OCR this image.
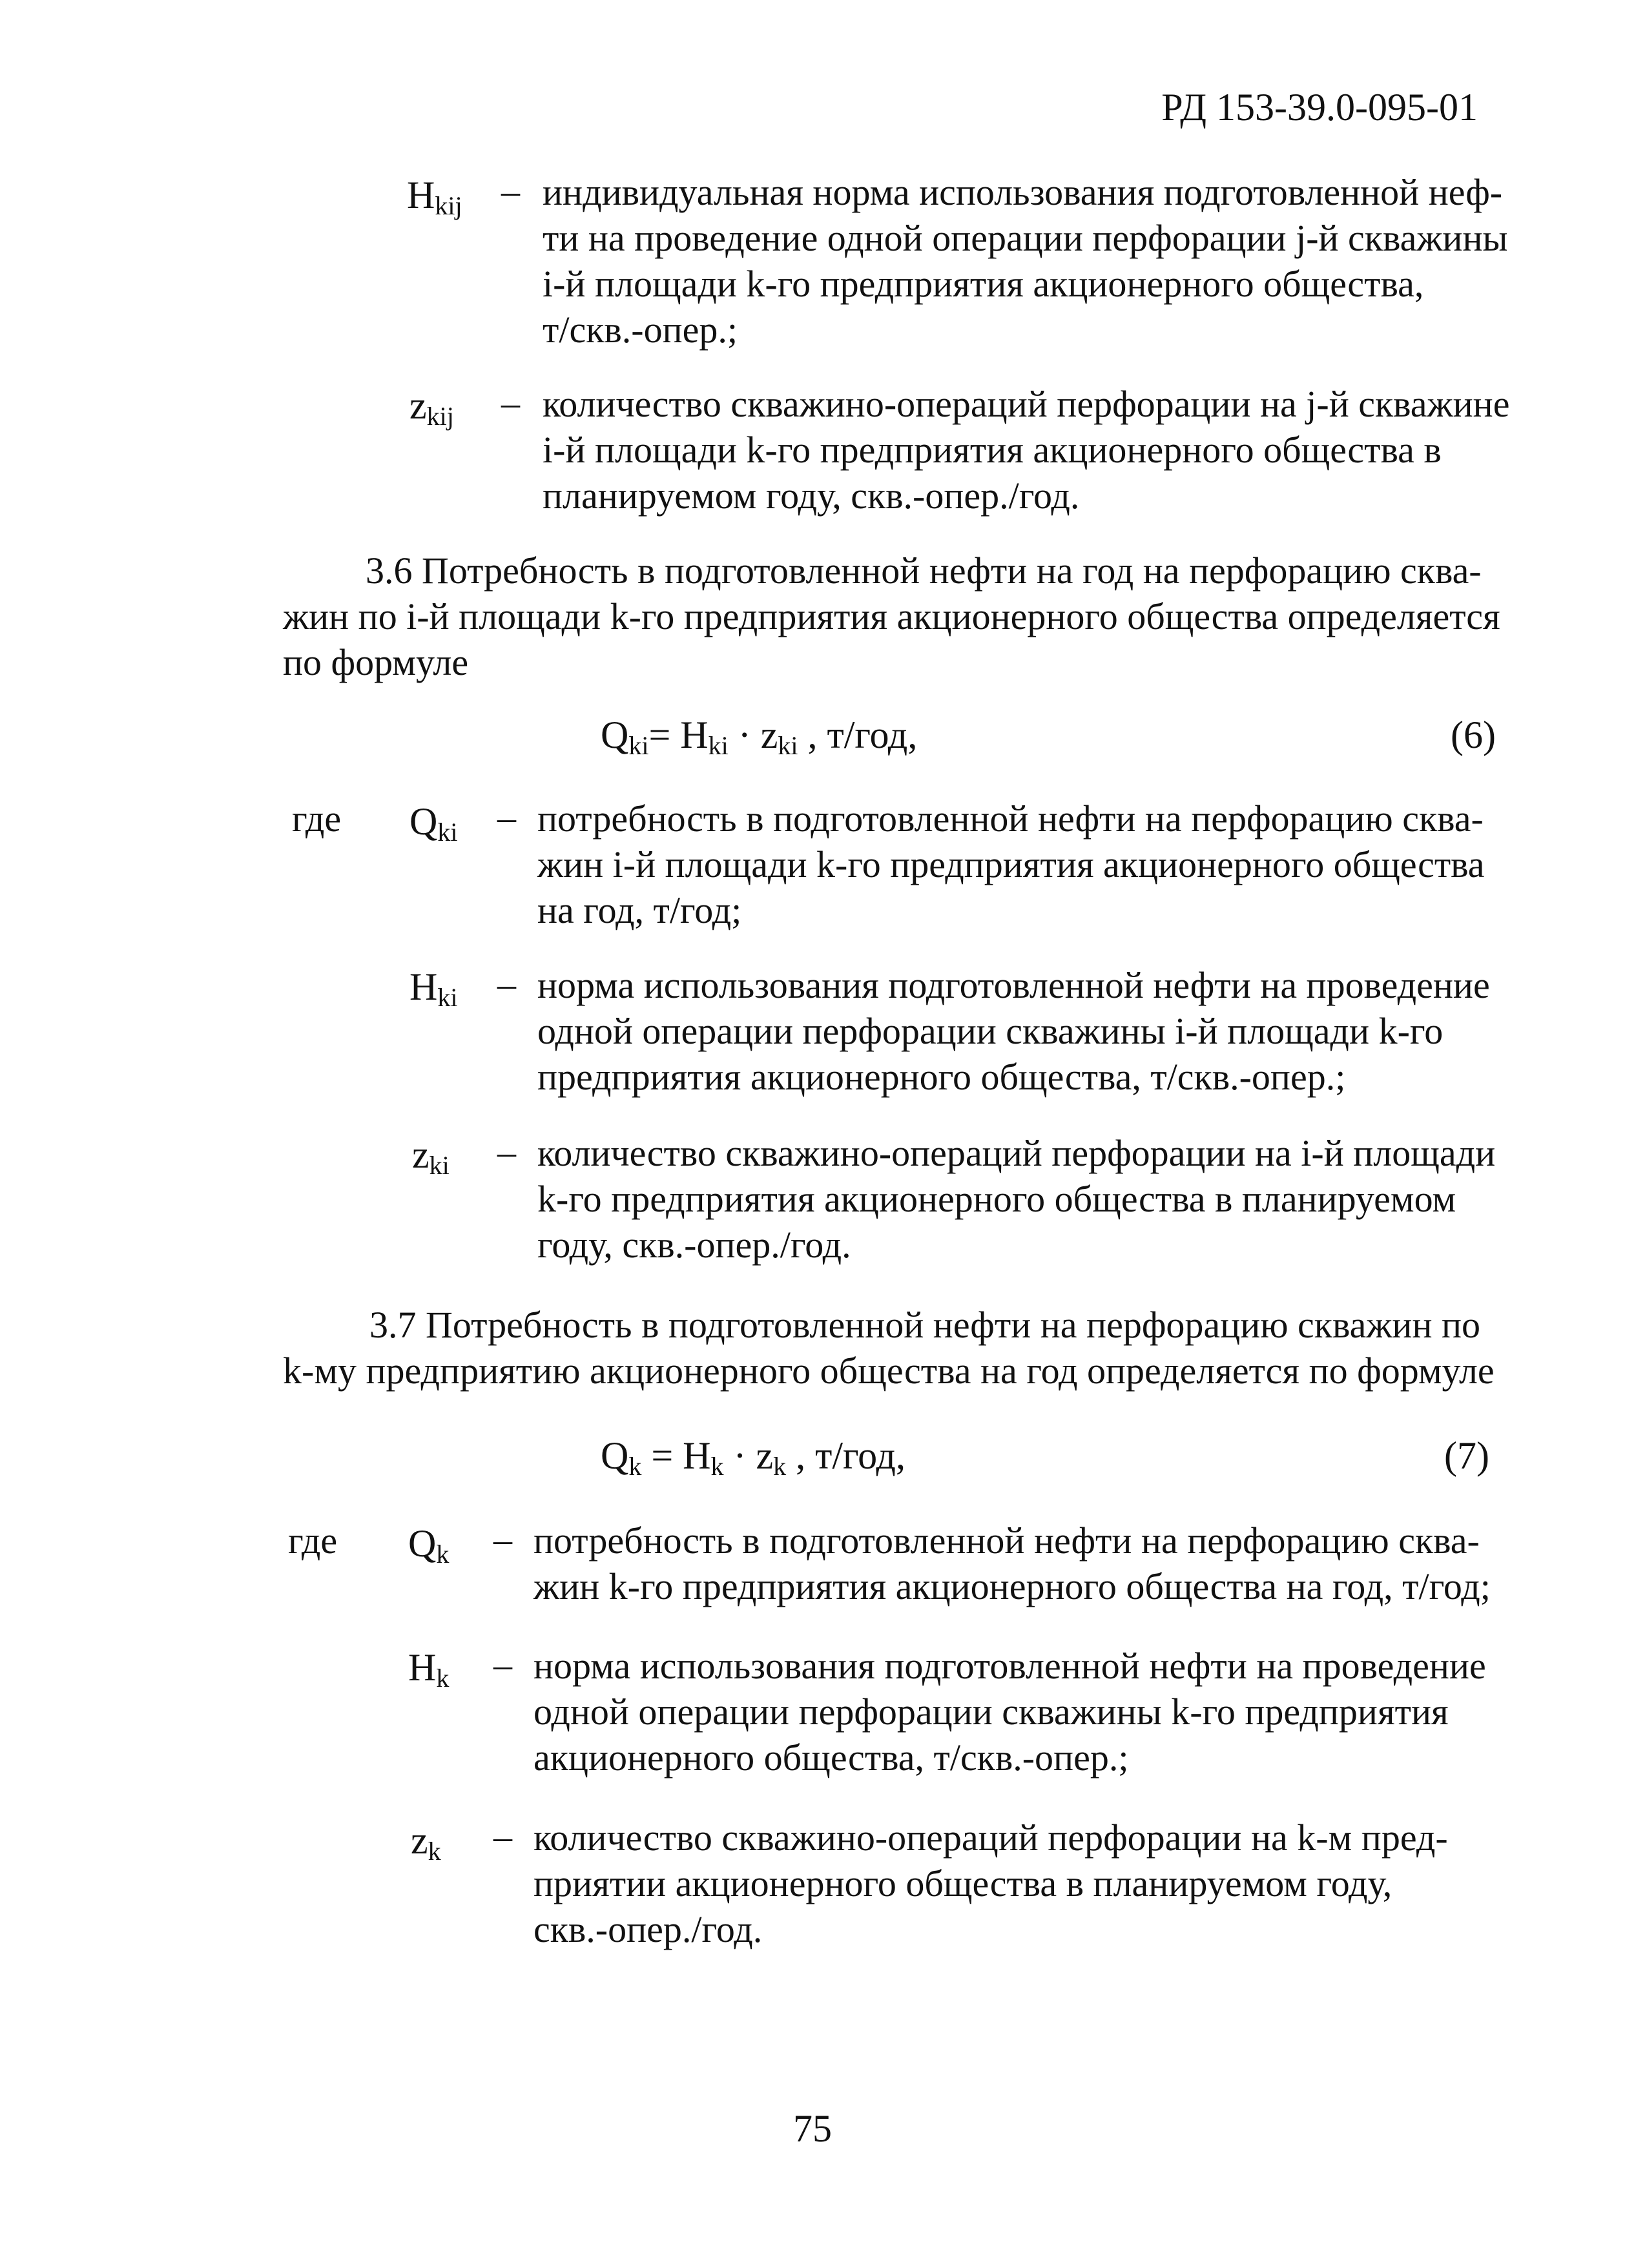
РД 153-39.0-095-01
$H_{kij}$ – индивидуальная норма использования подготовленной неф-
ти на проведение одной операции перфорации j-й скважины
i-й площади k-го предприятия акционерного общества,
т/скв.-опер.;
$z_{kij}$ – количество скважино-операций перфорации на j-й скважине
i-й площади k-го предприятия акционерного общества в
планируемом году, скв.-опер./год.
3.6 Потребность в подготовленной нефти на год на перфорацию сква-
жин по i-й площади k-го предприятия акционерного общества определяется
по формуле
$Q_{ki}= H_{ki} \cdot z_{ki}$ , т/год,	(6)
где $Q_{ki}$ – потребность в подготовленной нефти на перфорацию сква-
жин i-й площади k-го предприятия акционерного общества
на год, т/год;
$H_{ki}$ – норма использования подготовленной нефти на проведение
одной операции перфорации скважины i-й площади k-го
предприятия акционерного общества, т/скв.-опер.;
$z_{ki}$ – количество скважино-операций перфорации на i-й площади
k-го предприятия акционерного общества в планируемом
году, скв.-опер./год.
3.7 Потребность в подготовленной нефти на перфорацию скважин по
k-му предприятию акционерного общества на год определяется по формуле
$Q_k = H_k \cdot z_k$ , т/год,	(7)
где $Q_k$ – потребность в подготовленной нефти на перфорацию сква-
жин k-го предприятия акционерного общества на год, т/год;
$H_k$ – норма использования подготовленной нефти на проведение
одной операции перфорации скважины k-го предприятия
акционерного общества, т/скв.-опер.;
$z_k$ – количество скважино-операций перфорации на k-м пред-
приятии акционерного общества в планируемом году,
скв.-опер./год.
75
